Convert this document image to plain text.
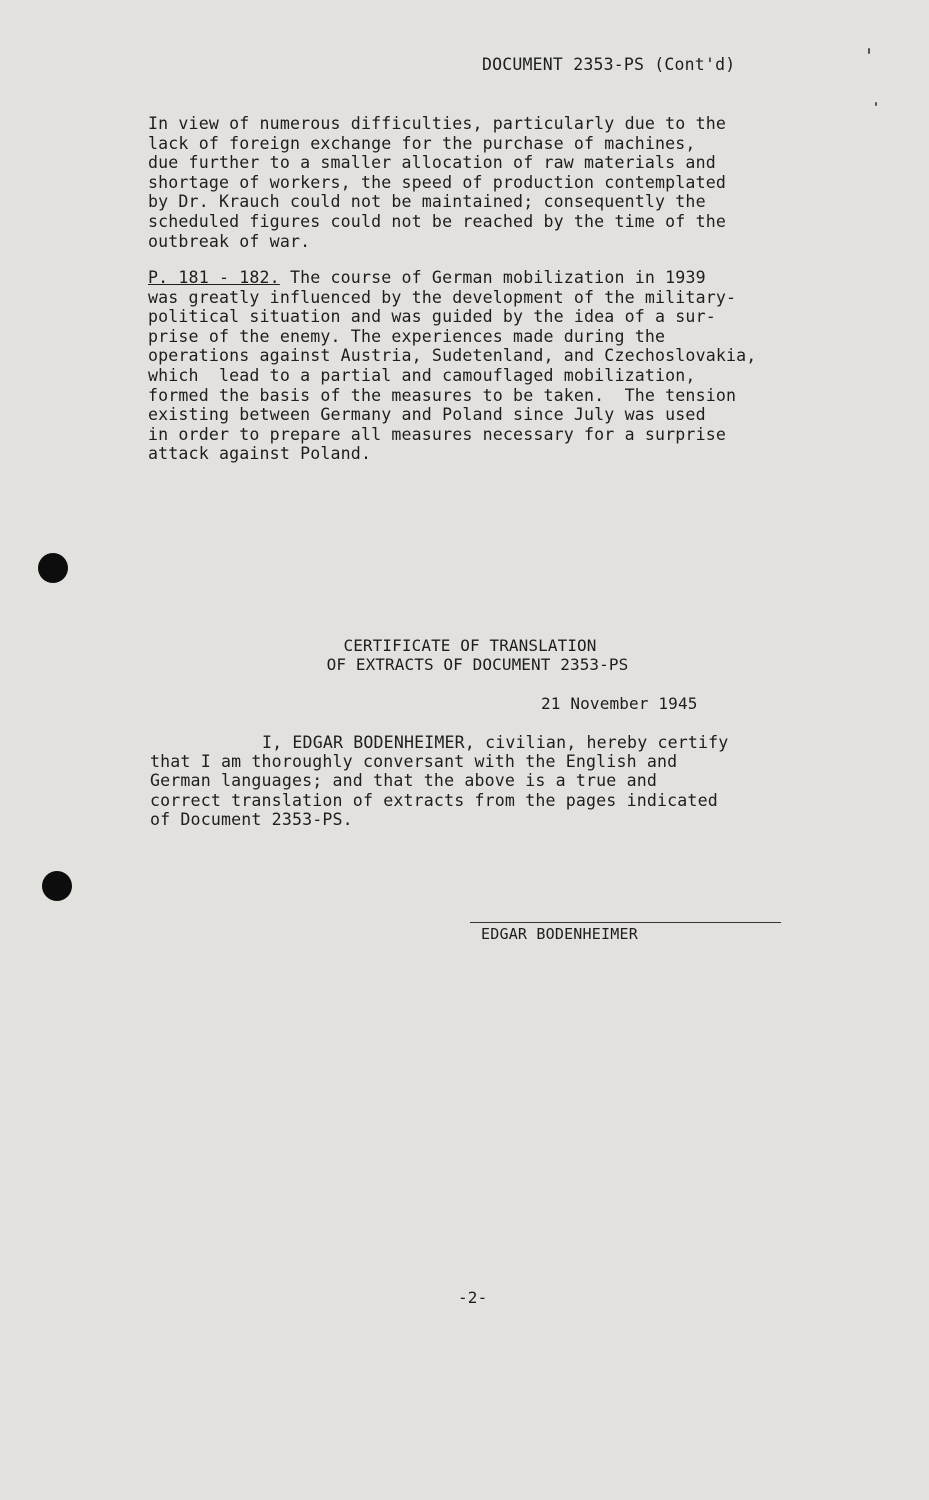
DOCUMENT 2353-PS (Cont'd)
In view of numerous difficulties, particularly due to the
lack of foreign exchange for the purchase of machines,
due further to a smaller allocation of raw materials and
shortage of workers, the speed of production contemplated
by Dr. Krauch could not be maintained; consequently the
scheduled figures could not be reached by the time of the
outbreak of war.
P. 181 - 182. The course of German mobilization in 1939
was greatly influenced by the development of the military-
political situation and was guided by the idea of a sur-
prise of the enemy. The experiences made during the
operations against Austria, Sudetenland, and Czechoslovakia,
which  lead to a partial and camouflaged mobilization,
formed the basis of the measures to be taken.  The tension
existing between Germany and Poland since July was used
in order to prepare all measures necessary for a surprise
attack against Poland.
CERTIFICATE OF TRANSLATION
OF EXTRACTS OF DOCUMENT 2353-PS
21 November 1945
I, EDGAR BODENHEIMER, civilian, hereby certify
that I am thoroughly conversant with the English and
German languages; and that the above is a true and
correct translation of extracts from the pages indicated
of Document 2353-PS.
EDGAR BODENHEIMER
-2-
